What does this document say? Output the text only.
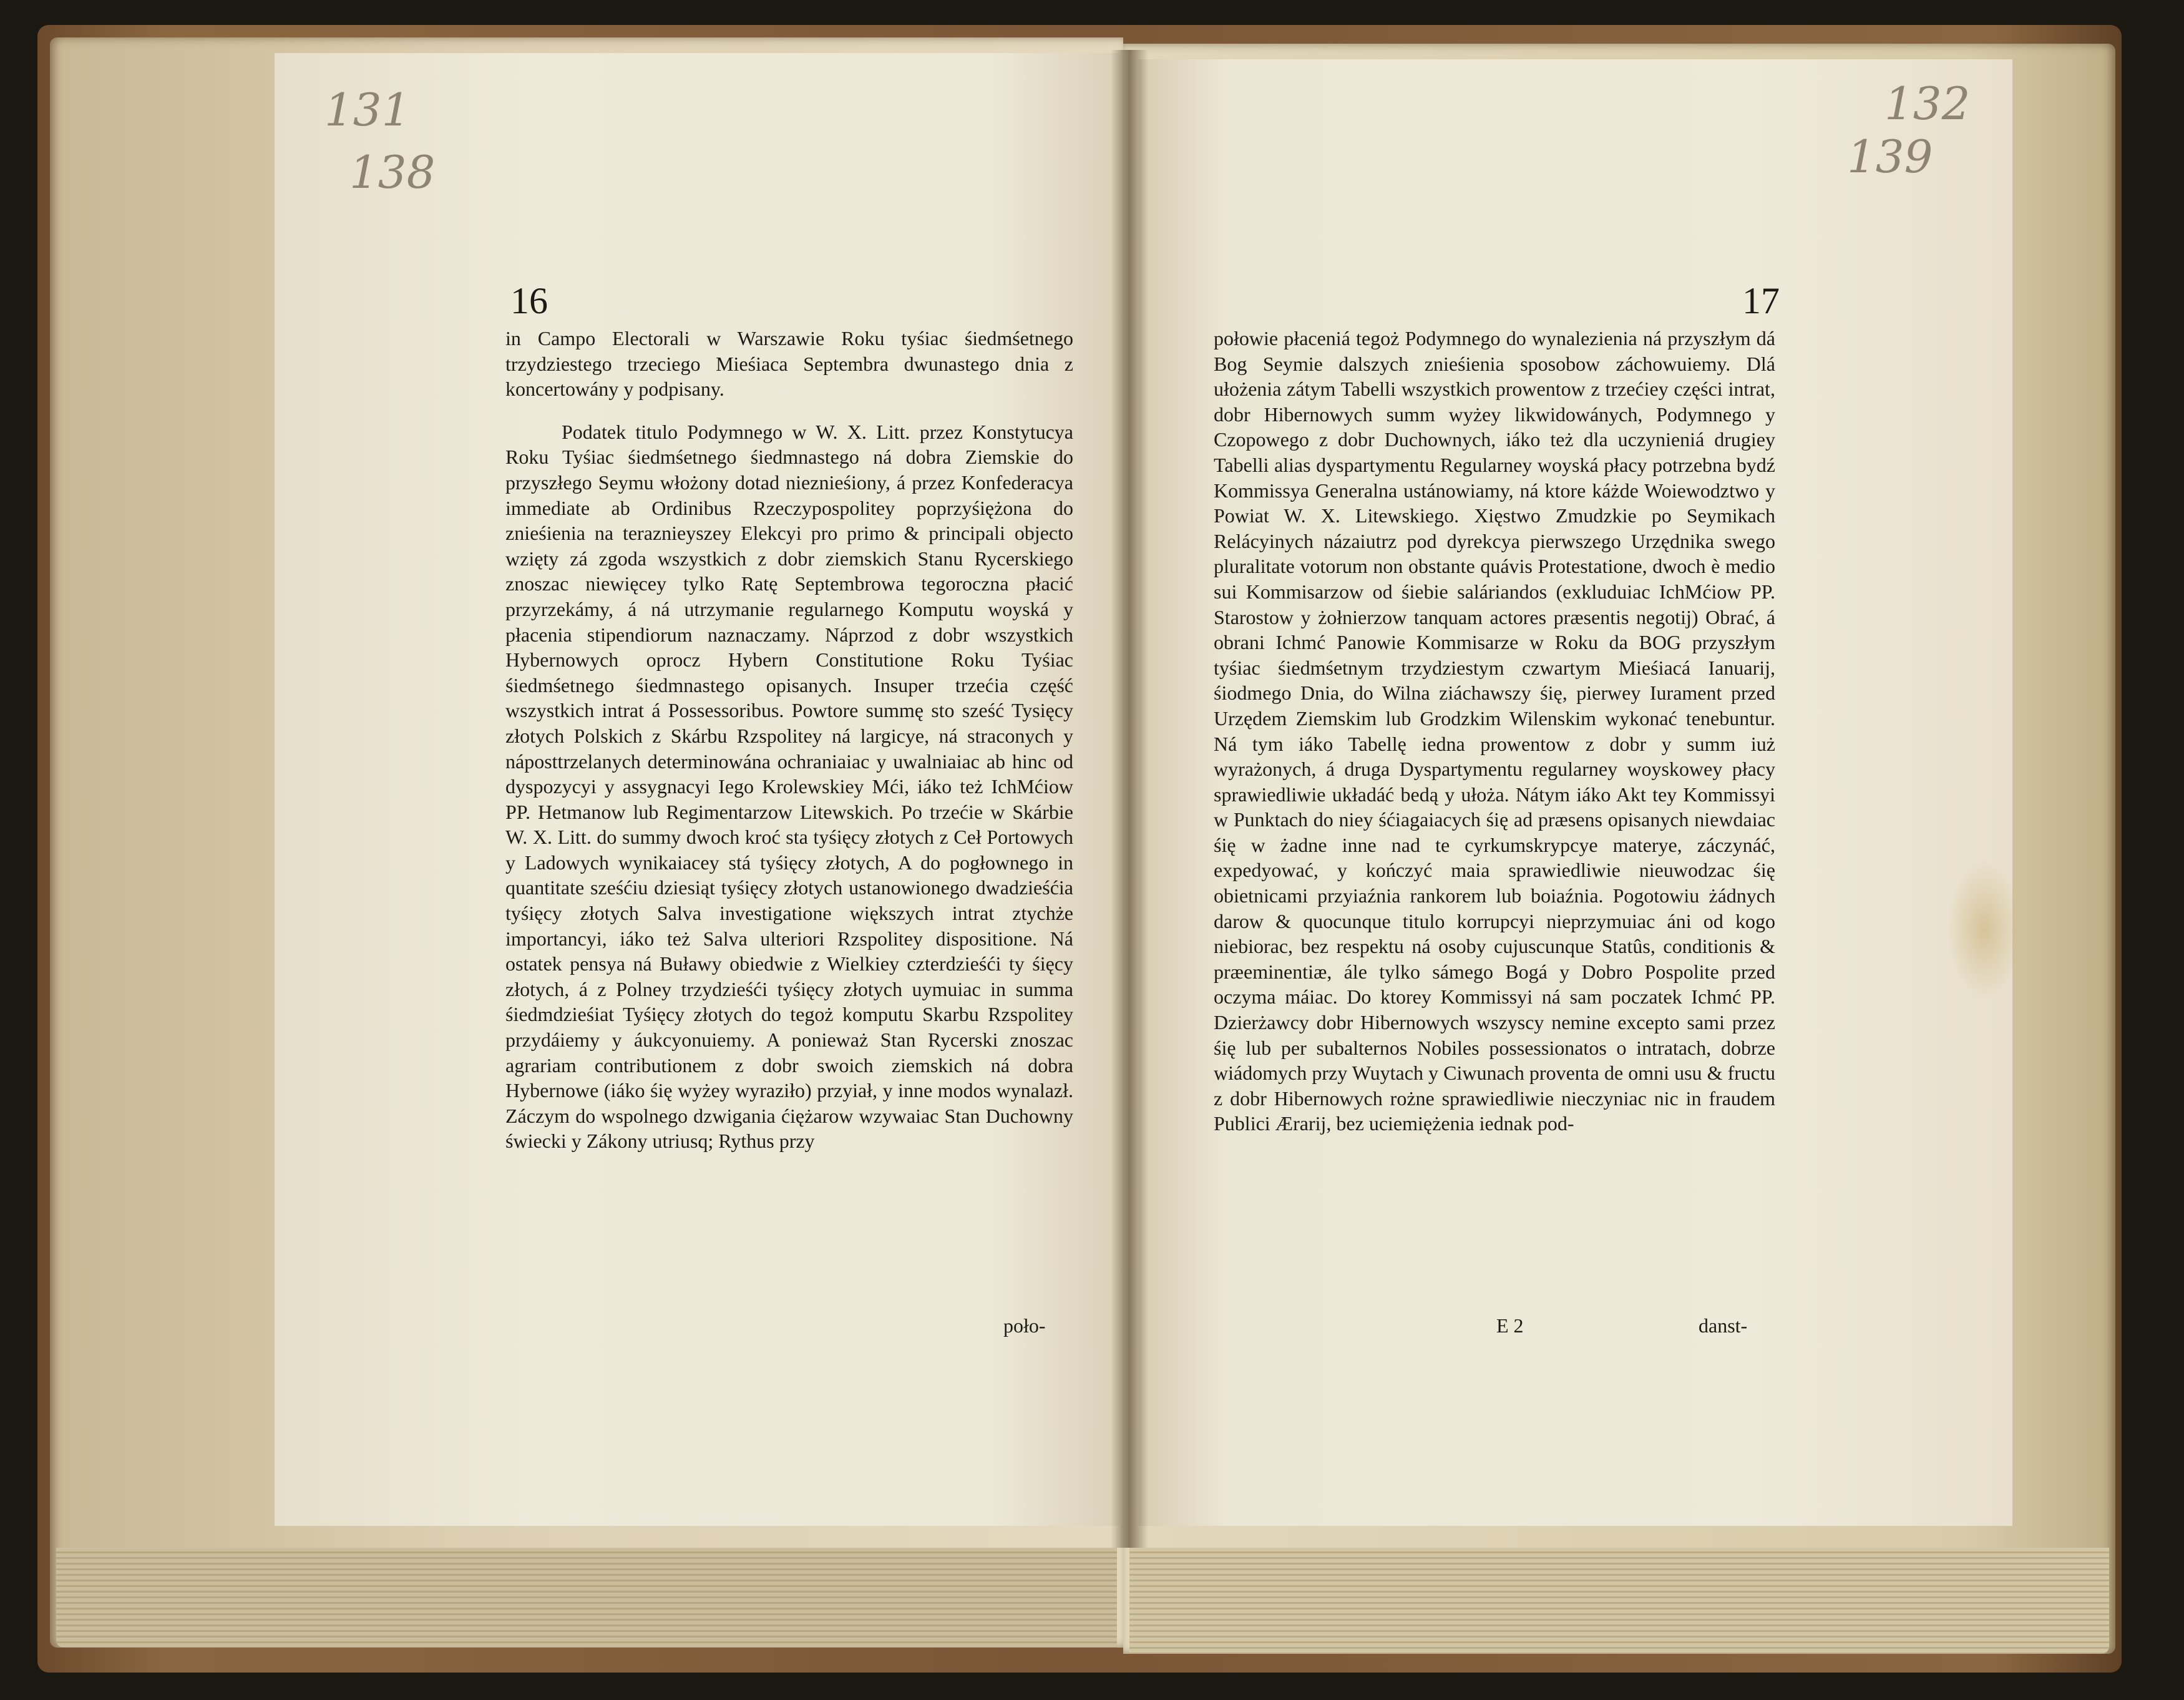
131
138
132
139
16	17

in Campo Electorali w Warszawie Roku tyśiac śiedmśetnego trzydziestego trzeciego Mieśiaca Septembra dwunastego dnia z koncertowány y podpisany.

Podatek titulo Podymnego w W. X. Litt. przez Konstytucya Roku Tyśiac śiedmśetnego śiedmnastego ná dobra Ziemskie do przyszłego Seymu włożony dotad nieznieśiony, á przez Konfederacya immediate ab Ordinibus Rzeczypospolitey poprzyśiężona do znieśienia na teraznieyszey Elekcyi pro primo & principali objecto wzięty zá zgoda wszystkich z dobr ziemskich Stanu Rycerskiego znoszac niewięcey tylko Ratę Septembrowa tegoroczna płacić przyrzekámy, á ná utrzymanie regularnego Komputu woyská y płacenia stipendiorum naznaczamy. Náprzod z dobr wszystkich Hybernowych oprocz Hybern Constitutione Roku Tyśiac śiedmśetnego śiedmnastego opisanych. Insuper trzećia część wszystkich intrat á Possessoribus. Powtore summę sto sześć Tysięcy złotych Polskich z Skárbu Rzspolitey ná largicye, ná straconych y náposttrzelanych determinowána ochraniaiac y uwalniaiac ab hinc od dyspozycyi y assygnacyi Iego Krolewskiey Mći, iáko też IchMćiow PP. Hetmanow lub Regimentarzow Litewskich. Po trzećie w Skárbie W. X. Litt. do summy dwoch kroć sta tyśięcy złotych z Ceł Portowych y Ladowych wynikaiacey stá tyśięcy złotych, A do pogłownego in quantitate sześćiu dziesiąt tyśięcy złotych ustanowionego dwadzieśćia tyśięcy złotych Salva investigatione większych intrat ztychże importancyi, iáko też Salva ulteriori Rzspolitey dispositione. Ná ostatek pensya ná Buławy obiedwie z Wielkiey czterdzieśći ty śięcy złotych, á z Polney trzydzieśći tyśięcy złotych uymuiac in summa śiedmdzieśiat Tyśięcy złotych do tegoż komputu Skarbu Rzspolitey przydáiemy y áukcyonuiemy. A ponieważ Stan Rycerski znoszac agrariam contributionem z dobr swoich ziemskich ná dobra Hybernowe (iáko śię wyżey wyraziło) przyiał, y inne modos wynalazł. Záczym do wspolnego dzwigania ćiężarow wzywaiac Stan Duchowny świecki y Zákony utriusq; Rythus przy

poło-

połowie płaceniá tegoż Podymnego do wynalezienia ná przyszłym dá Bog Seymie dalszych znieśienia sposobow záchowuiemy. Dlá ułożenia zátym Tabelli wszystkich prowentow z trzećiey części intrat, dobr Hibernowych summ wyżey likwidowánych, Podymnego y Czopowego z dobr Duchownych, iáko też dla uczynieniá drugiey Tabelli alias dyspartymentu Regularney woyská płacy potrzebna bydź Kommissya Generalna ustánowiamy, ná ktore káżde Woiewodztwo y Powiat W. X. Litewskiego. Xięstwo Zmudzkie po Seymikach Relácyinych názaiutrz pod dyrekcya pierwszego Urzędnika swego pluralitate votorum non obstante quávis Protestatione, dwoch è medio sui Kommisarzow od śiebie saláriandos (exkluduiac IchMćiow PP. Starostow y żołnierzow tanquam actores præsentis negotij) Obrać, á obrani Ichmć Panowie Kommisarze w Roku da BOG przyszłym tyśiac śiedmśetnym trzydziestym czwartym Mieśiacá Ianuarij, śiodmego Dnia, do Wilna ziáchawszy śię, pierwey Iurament przed Urzędem Ziemskim lub Grodzkim Wilenskim wykonać tenebuntur. Ná tym iáko Tabellę iedna prowentow z dobr y summ iuż wyrażonych, á druga Dyspartymentu regularney woyskowey płacy sprawiedliwie układáć bedą y ułoża. Nátym iáko Akt tey Kommissyi w Punktach do niey śćiagaiacych śię ad præsens opisanych niewdaiac śię w żadne inne nad te cyrkumskrypcye materye, záczynáć, expedyować, y kończyć maia sprawiedliwie nieuwodzac śię obietnicami przyiaźnia rankorem lub boiaźnia. Pogotowiu żádnych darow & quocunque titulo korrupcyi nieprzymuiac áni od kogo niebiorac, bez respektu ná osoby cujuscunque Statûs, conditionis & præeminentiæ, ále tylko sámego Bogá y Dobro Pospolite przed oczyma máiac. Do ktorey Kommissyi ná sam poczatek Ichmć PP. Dzierżawcy dobr Hibernowych wszyscy nemine excepto sami przez śię lub per subalternos Nobiles possessionatos o intratach, dobrze wiádomych przy Wuytach y Ciwunach proventa de omni usu & fructu z dobr Hibernowych rożne sprawiedliwie nieczyniac nic in fraudem Publici Ærarij, bez uciemiężenia iednak pod-

E 2	danst-
